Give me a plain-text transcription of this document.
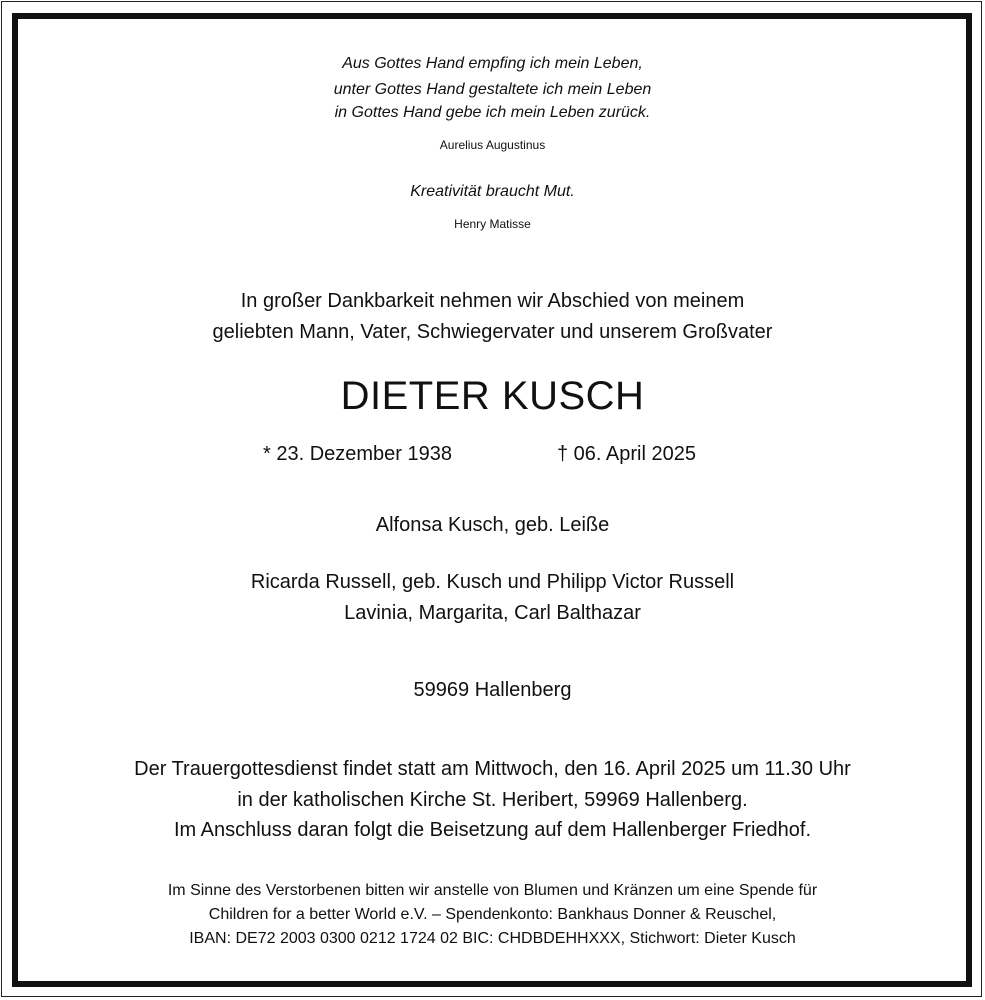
Aus Gottes Hand empfing ich mein Leben,
unter Gottes Hand gestaltete ich mein Leben
in Gottes Hand gebe ich mein Leben zurück.
Aurelius Augustinus
Kreativität braucht Mut.
Henry Matisse
In großer Dankbarkeit nehmen wir Abschied von meinem
geliebten Mann, Vater, Schwiegervater und unserem Großvater
DIETER KUSCH
* 23. Dezember 1938	† 06. April 2025
Alfonsa Kusch, geb. Leiße
Ricarda Russell, geb. Kusch und Philipp Victor Russell
Lavinia, Margarita, Carl Balthazar
59969 Hallenberg
Der Trauergottesdienst findet statt am Mittwoch, den 16. April 2025 um 11.30 Uhr
in der katholischen Kirche St. Heribert, 59969 Hallenberg.
Im Anschluss daran folgt die Beisetzung auf dem Hallenberger Friedhof.
Im Sinne des Verstorbenen bitten wir anstelle von Blumen und Kränzen um eine Spende für
Children for a better World e.V. – Spendenkonto: Bankhaus Donner & Reuschel,
IBAN: DE72 2003 0300 0212 1724 02 BIC: CHDBDEHHXXX, Stichwort: Dieter Kusch
